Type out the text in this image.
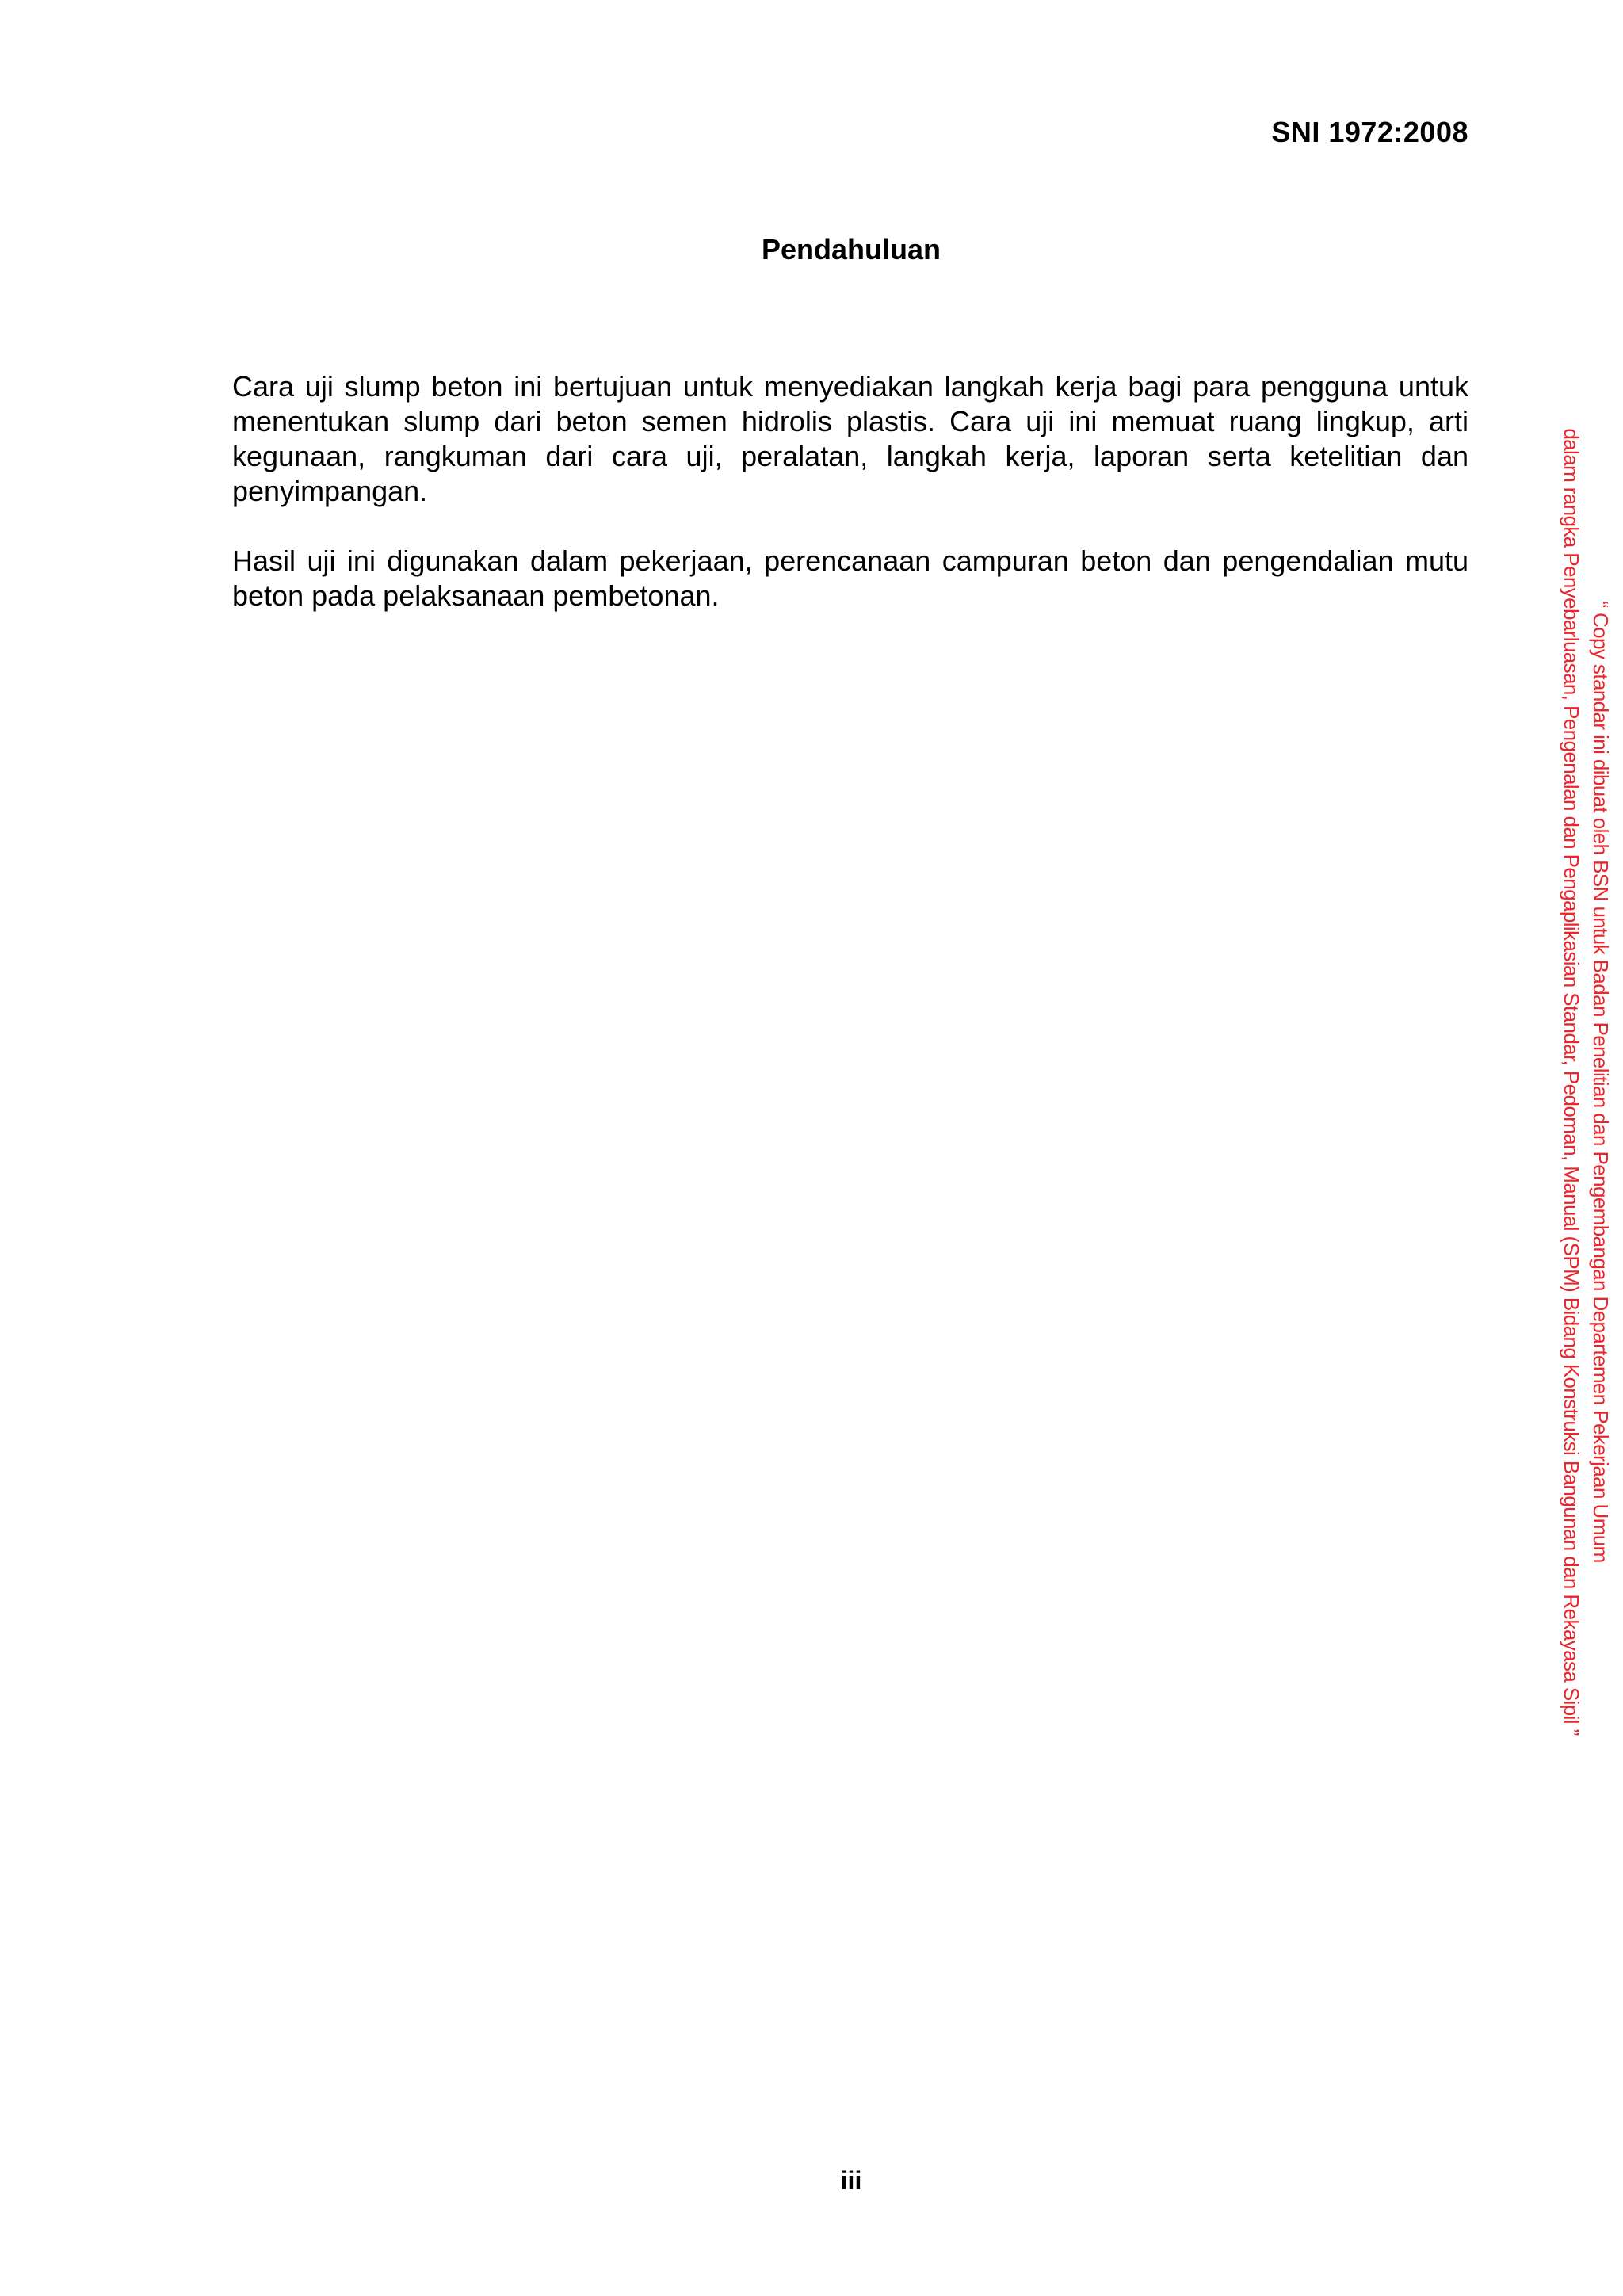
SNI 1972:2008
Pendahuluan

Cara uji slump beton ini bertujuan untuk menyediakan langkah kerja bagi para pengguna untuk menentukan slump dari beton semen hidrolis plastis. Cara uji ini memuat ruang lingkup, arti kegunaan, rangkuman dari cara uji, peralatan, langkah kerja, laporan serta ketelitian dan penyimpangan.

Hasil uji ini digunakan dalam pekerjaan, perencanaan campuran beton dan pengendalian mutu beton pada pelaksanaan pembetonan.

“ Copy standar ini dibuat oleh BSN untuk Badan Penelitian dan Pengembangan Departemen Pekerjaan Umum
dalam rangka Penyebarluasan, Pengenalan dan Pengaplikasian Standar, Pedoman, Manual (SPM) Bidang Konstruksi Bangunan dan Rekayasa Sipil ”
iii
